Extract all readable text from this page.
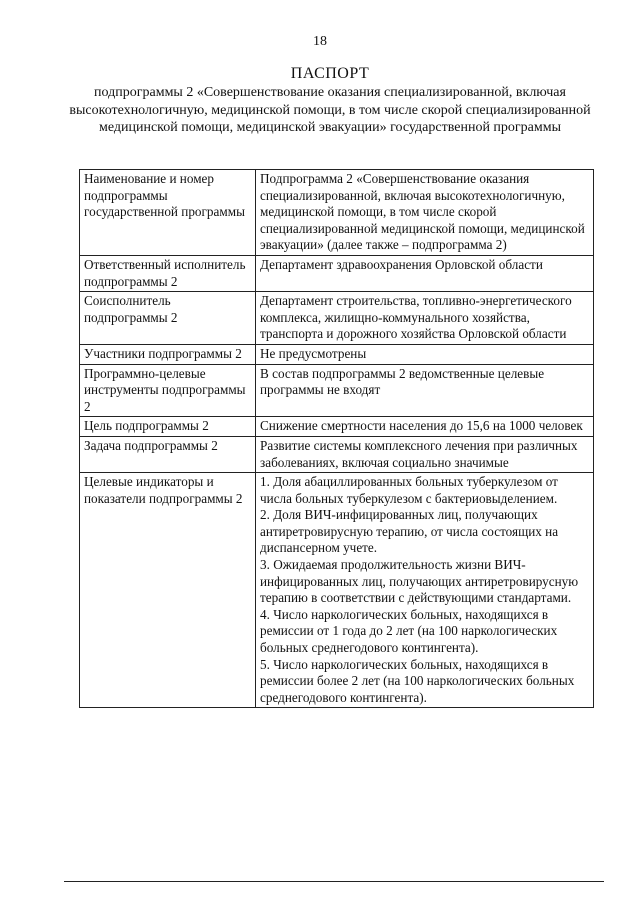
18
ПАСПОРТ
подпрограммы 2 «Совершенствование оказания специализированной, включая высокотехнологичную, медицинской помощи, в том числе скорой специализированной медицинской помощи, медицинской эвакуации» государственной программы
Наименование и номер подпрограммы государственной программы	Подпрограмма 2 «Совершенствование оказания специализированной, включая высокотехнологичную, медицинской помощи, в том числе скорой специализированной медицинской помощи, медицинской эвакуации» (далее также – подпрограмма 2)

Ответственный исполнитель подпрограммы 2	Департамент здравоохранения Орловской области

Соисполнитель подпрограммы 2	Департамент строительства, топливно-энергетического комплекса, жилищно-коммунального хозяйства, транспорта и дорожного хозяйства Орловской области

Участники подпрограммы 2	Не предусмотрены

Программно-целевые инструменты подпрограммы 2	В состав подпрограммы 2 ведомственные целевые программы не входят

Цель подпрограммы 2	Снижение смертности населения до 15,6 на 1000 человек

Задача подпрограммы 2	Развитие системы комплексного лечения при различных заболеваниях, включая социально значимые

Целевые индикаторы и показатели подпрограммы 2	1. Доля абациллированных больных туберкулезом от числа больных туберкулезом с бактериовыделением.
2. Доля ВИЧ-инфицированных лиц, получающих антиретровирусную терапию, от числа состоящих на диспансерном учете.
3. Ожидаемая продолжительность жизни ВИЧ-инфицированных лиц, получающих антиретровирусную терапию в соответствии с действующими стандартами.
4. Число наркологических больных, находящихся в ремиссии от 1 года до 2 лет (на 100 наркологических больных среднегодового контингента).
5. Число наркологических больных, находящихся в ремиссии более 2 лет (на 100 наркологических больных среднегодового контингента).
